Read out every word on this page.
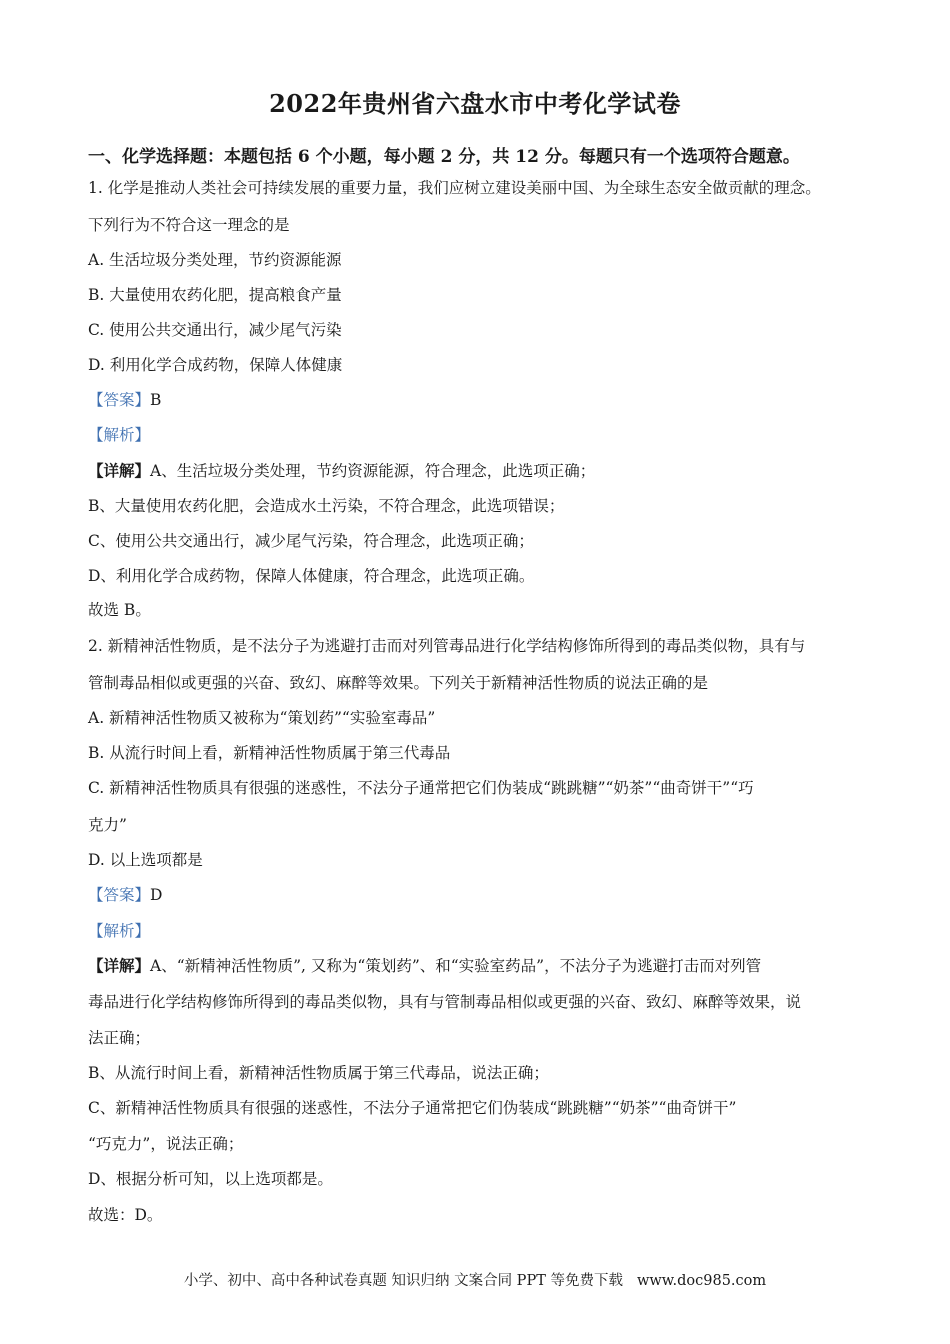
2022年贵州省六盘水市中考化学试卷
一、化学选择题：本题包括 6 个小题，每小题 2 分，共 12 分。每题只有一个选项符合题意。
1. 化学是推动人类社会可持续发展的重要力量，我们应树立建设美丽中国、为全球生态安全做贡献的理念。
下列行为不符合这一理念的是
A. 生活垃圾分类处理，节约资源能源
B. 大量使用农药化肥，提高粮食产量
C. 使用公共交通出行，减少尾气污染
D. 利用化学合成药物，保障人体健康
【答案】B
【解析】
【详解】A、生活垃圾分类处理，节约资源能源，符合理念，此选项正确；
B、大量使用农药化肥，会造成水土污染，不符合理念，此选项错误；
C、使用公共交通出行，减少尾气污染，符合理念，此选项正确；
D、利用化学合成药物，保障人体健康，符合理念，此选项正确。
故选 B。
2. 新精神活性物质，是不法分子为逃避打击而对列管毒品进行化学结构修饰所得到的毒品类似物，具有与
管制毒品相似或更强的兴奋、致幻、麻醉等效果。下列关于新精神活性物质的说法正确的是
A. 新精神活性物质又被称为“策划药”“实验室毒品”
B. 从流行时间上看，新精神活性物质属于第三代毒品
C. 新精神活性物质具有很强的迷惑性，不法分子通常把它们伪装成“跳跳糖”“奶茶”“曲奇饼干”“巧
克力”
D. 以上选项都是
【答案】D
【解析】
【详解】A、“新精神活性物质”, 又称为“策划药”、和“实验室药品”，不法分子为逃避打击而对列管
毒品进行化学结构修饰所得到的毒品类似物，具有与管制毒品相似或更强的兴奋、致幻、麻醉等效果，说
法正确；
B、从流行时间上看，新精神活性物质属于第三代毒品，说法正确；
C、新精神活性物质具有很强的迷惑性，不法分子通常把它们伪装成“跳跳糖”“奶茶”“曲奇饼干”
“巧克力”，说法正确；
D、根据分析可知，以上选项都是。
故选：D。
小学、初中、高中各种试卷真题 知识归纳 文案合同 PPT 等免费下载 www.doc985.com
